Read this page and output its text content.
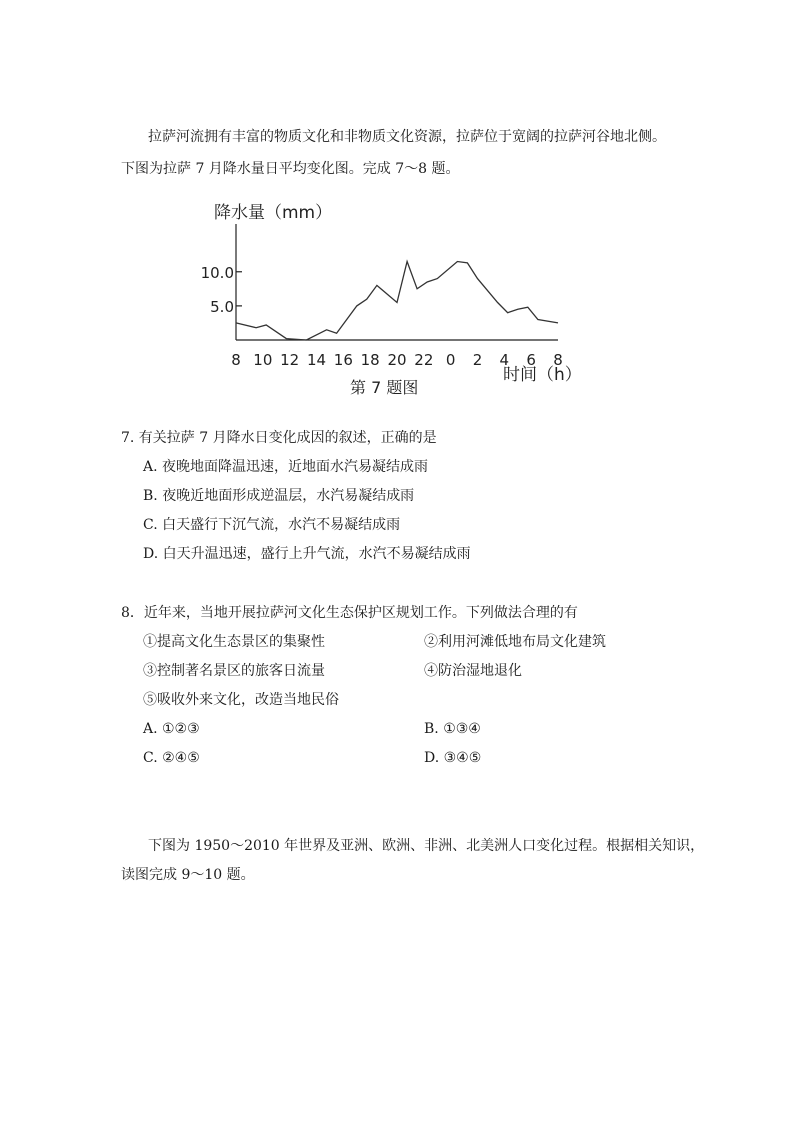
拉萨河流拥有丰富的物质文化和非物质文化资源，拉萨位于宽阔的拉萨河谷地北侧。
下图为拉萨 7 月降水量日平均变化图。完成 7～8 题。
降水量（mm）
5.0
10.0
8 10 12 14 16 18 20 22 0 2 4 6 8
时间（h）
第 7 题图
7. 有关拉萨 7 月降水日变化成因的叙述，正确的是
A. 夜晚地面降温迅速，近地面水汽易凝结成雨
B. 夜晚近地面形成逆温层，水汽易凝结成雨
C. 白天盛行下沉气流，水汽不易凝结成雨
D. 白天升温迅速，盛行上升气流，水汽不易凝结成雨
8．近年来，当地开展拉萨河文化生态保护区规划工作。下列做法合理的有
①提高文化生态景区的集聚性	②利用河滩低地布局文化建筑
③控制著名景区的旅客日流量	④防治湿地退化
⑤吸收外来文化，改造当地民俗
A. ①②③	B. ①③④
C. ②④⑤	D. ③④⑤
下图为 1950～2010 年世界及亚洲、欧洲、非洲、北美洲人口变化过程。根据相关知识，
读图完成 9～10 题。
